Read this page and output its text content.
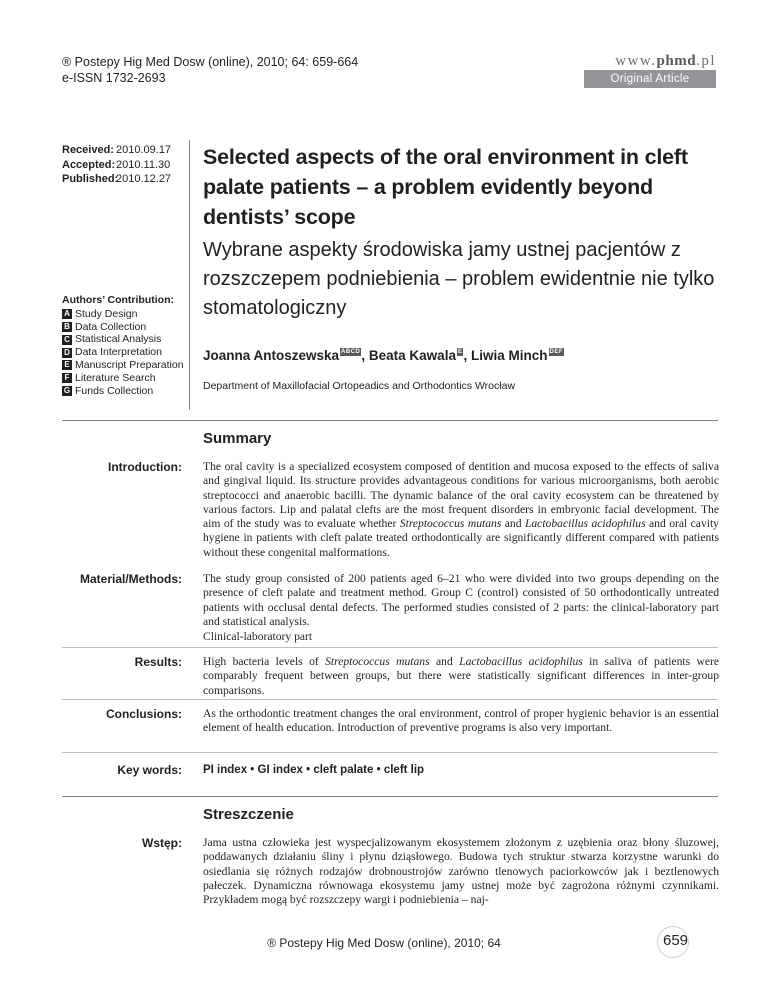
® Postepy Hig Med Dosw (online), 2010; 64: 659-664
e-ISSN 1732-2693
www.phmd.pl
Original Article
Received: 2010.09.17
Accepted: 2010.11.30
Published:
2010.12.27
Selected aspects of the oral environment in cleft palate patients – a problem evidently beyond dentists’ scope
Wybrane aspekty środowiska jamy ustnej pacjentów z rozszczepem podniebienia – problem ewidentnie nie tylko stomatologiczny
Joanna Antoszewska ABCD, Beata Kawala E, Liwia Minch DEF
Department of Maxillofacial Ortopeadics and Orthodontics Wrocław
Authors’ Contribution:
A Study Design
B Data Collection
C Statistical Analysis
D Data Interpretation
E Manuscript Preparation
F Literature Search
G Funds Collection
Summary
Introduction: The oral cavity is a specialized ecosystem composed of dentition and mucosa exposed to the effects of saliva and gingival liquid. Its structure provides advantageous conditions for various microorganisms, both aerobic streptococci and anaerobic bacilli. The dynamic balance of the oral cavity ecosystem can be threatened by various factors. Lip and palatal clefts are the most frequent disorders in embryonic facial development. The aim of the study was to evaluate whether Streptococcus mutans and Lactobacillus acidophilus and oral cavity hygiene in patients with cleft palate treated orthodontically are significantly different compared with patients without these congenital malformations.
Material/Methods: The study group consisted of 200 patients aged 6–21 who were divided into two groups depending on the presence of cleft palate and treatment method. Group C (control) consisted of 50 orthodontically untreated patients with occlusal dental defects. The performed studies consisted of 2 parts: the clinical-laboratory part and statistical analysis.
Clinical-laboratory part
Results: High bacteria levels of Streptococcus mutans and Lactobacillus acidophilus in saliva of patients were comparably frequent between groups, but there were statistically significant differences in inter-group comparisons.
Conclusions: As the orthodontic treatment changes the oral environment, control of proper hygienic behavior is an essential element of health education. Introduction of preventive programs is also very important.
Key words: PI index • GI index • cleft palate • cleft lip
Streszczenie
Wstęp: Jama ustna człowieka jest wyspecjalizowanym ekosystemem złożonym z uzębienia oraz błony śluzowej, poddawanych działaniu śliny i płynu dziąsłowego. Budowa tych struktur stwarza korzystne warunki do osiedlania się różnych rodzajów drobnoustrojów zarówno tlenowych paciorkowców jak i beztlenowych pałeczek. Dynamiczna równowaga ekosystemu jamy ustnej może być zagrożona różnymi czynnikami. Przykładem mogą być rozszczepy wargi i podniebienia – naj-
® Postepy Hig Med Dosw (online), 2010; 64	659
